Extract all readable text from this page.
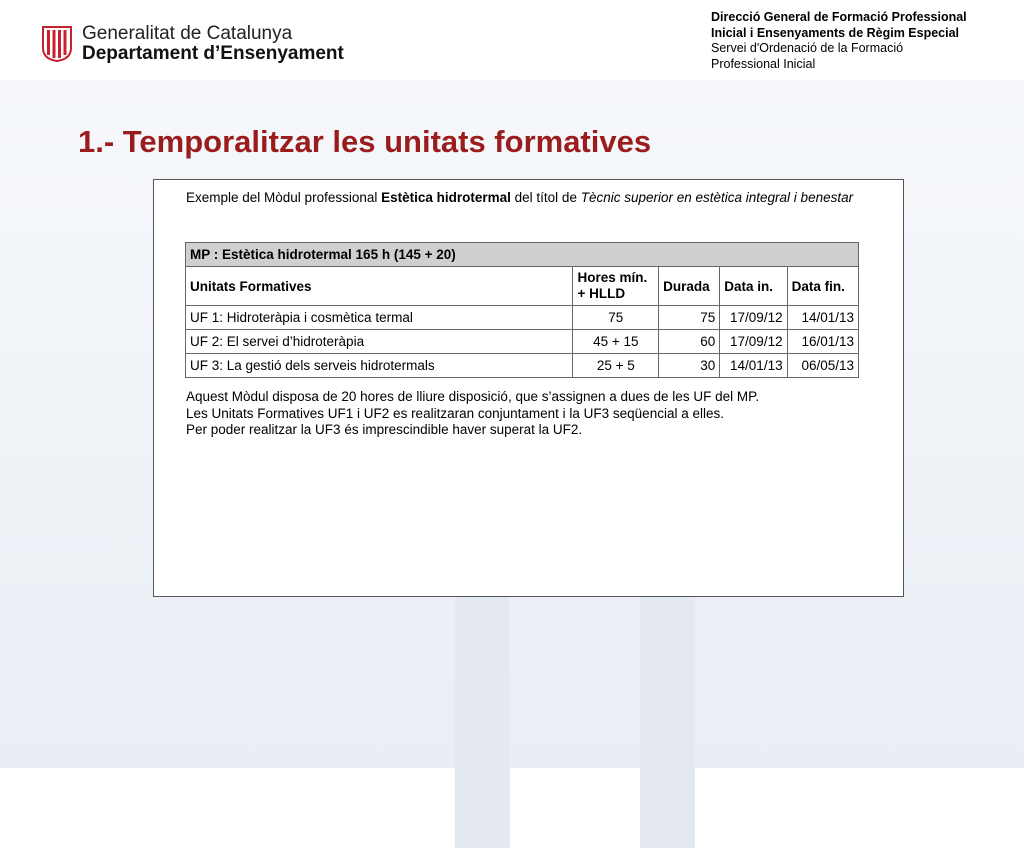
Generalitat de Catalunya
Departament d’Ensenyament
Direcció General de Formació Professional
Inicial i Ensenyaments de Règim Especial
Servei d'Ordenació de la Formació
Professional Inicial
1.- Temporalitzar les unitats formatives
Exemple del Mòdul professional Estètica hidrotermal del títol de Tècnic superior en estètica integral i benestar
MP : Estètica hidrotermal 165 h (145 + 20)				
Unitats Formatives	Hores mín. + HLLD	Durada	Data in.	Data fin.
UF 1: Hidroteràpia i cosmètica termal	75	75	17/09/12	14/01/13
UF 2: El servei d’hidroteràpia	45 + 15	60	17/09/12	16/01/13
UF 3: La gestió dels serveis hidrotermals	25 + 5	30	14/01/13	06/05/13
Aquest Mòdul disposa de 20 hores de lliure disposició, que s’assignen a dues de les UF del MP.
Les Unitats Formatives UF1 i UF2 es realitzaran conjuntament i la UF3 seqüencial a elles.
Per poder realitzar la UF3 és imprescindible haver superat la UF2.
